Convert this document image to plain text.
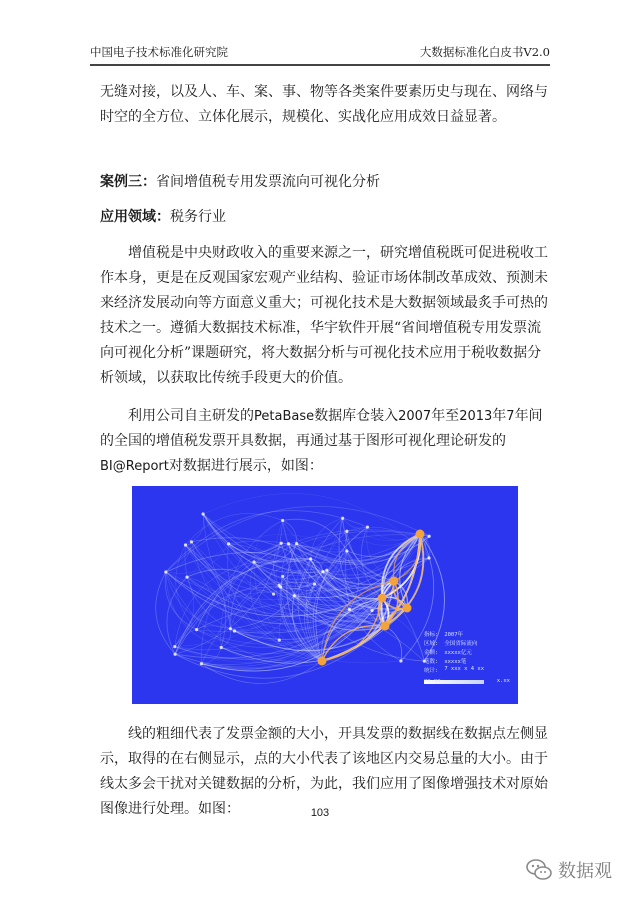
中国电子技术标准化研究院	大数据标准化白皮书V2.0

无缝对接，以及人、车、案、事、物等各类案件要素历史与现在、网络与时空的全方位、立体化展示，规模化、实战化应用成效日益显著。

案例三：省间增值税专用发票流向可视化分析

应用领域：税务行业

增值税是中央财政收入的重要来源之一，研究增值税既可促进税收工作本身，更是在反观国家宏观产业结构、验证市场体制改革成效、预测未来经济发展动向等方面意义重大；可视化技术是大数据领域最炙手可热的技术之一。遵循大数据技术标准，华宇软件开展“省间增值税专用发票流向可视化分析”课题研究，将大数据分析与可视化技术应用于税收数据分析领域，以获取比传统手段更大的价值。

利用公司自主研发的PetaBase数据库仓装入2007年至2013年7年间的全国的增值税发票开具数据，再通过基于图形可视化理论研发的BI@Report对数据进行展示，如图：

指标: 2007年
区域: 全国省际流向
金额: xxxxx亿元
笔数: xxxxx笔
统计: 7 xxx x 4 xx
xx.xx	x.xx

线的粗细代表了发票金额的大小，开具发票的数据线在数据点左侧显示，取得的在右侧显示，点的大小代表了该地区内交易总量的大小。由于线太多会干扰对关键数据的分析，为此，我们应用了图像增强技术对原始图像进行处理。如图：	103
数据观
